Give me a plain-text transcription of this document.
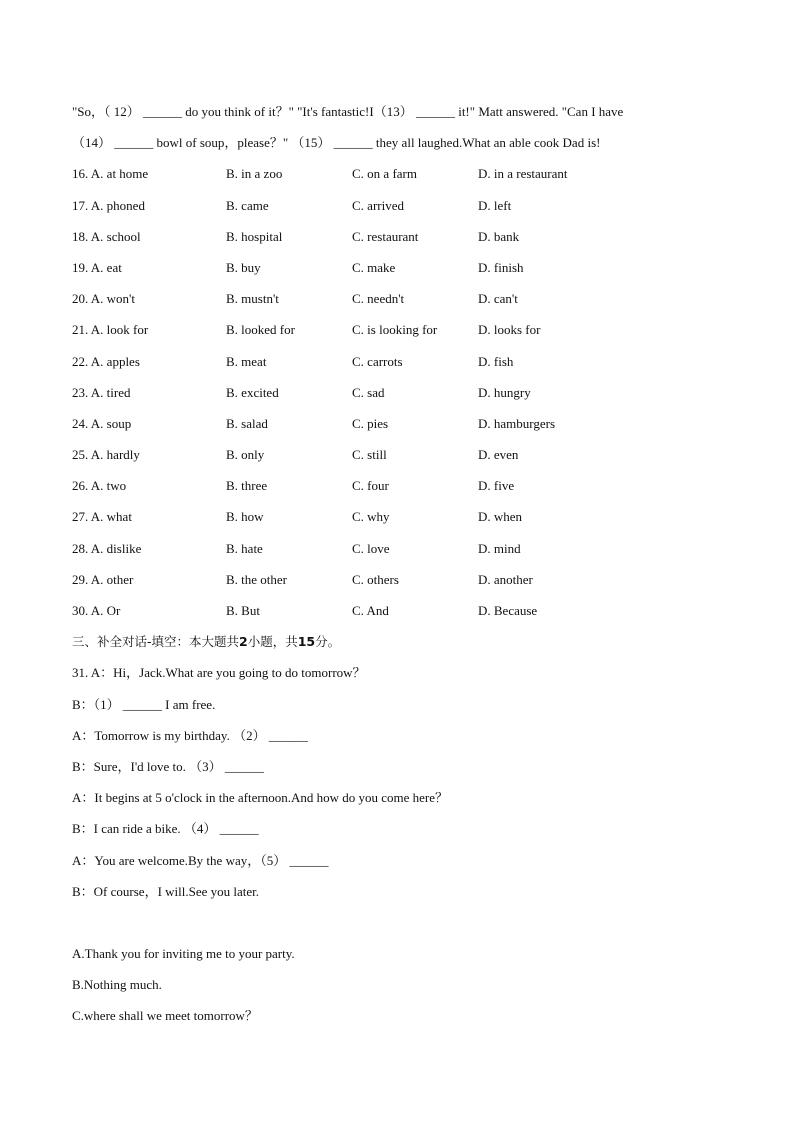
"So，（ 12） ______ do you think of it？" "It's fantastic!I（13） ______ it!" Matt answered. "Can I have
（14） ______ bowl of soup，please？" （15） ______ they all laughed.What an able cook Dad is!
16. A. at home	B. in a zoo	C. on a farm	D. in a restaurant
17. A. phoned	B. came	C. arrived	D. left
18. A. school	B. hospital	C. restaurant	D. bank
19. A. eat	B. buy	C. make	D. finish
20. A. won't	B. mustn't	C. needn't	D. can't
21. A. look for	B. looked for	C. is looking for	D. looks for
22. A. apples	B. meat	C. carrots	D. fish
23. A. tired	B. excited	C. sad	D. hungry
24. A. soup	B. salad	C. pies	D. hamburgers
25. A. hardly	B. only	C. still	D. even
26. A. two	B. three	C. four	D. five
27. A. what	B. how	C. why	D. when
28. A. dislike	B. hate	C. love	D. mind
29. A. other	B. the other	C. others	D. another
30. A. Or	B. But	C. And	D. Because
三、补全对话-填空：本大题共2小题，共15分。
31. A：Hi，Jack.What are you going to do tomorrow？
B：（1） ______ I am free.
A：Tomorrow is my birthday. （2） ______
B：Sure，I'd love to. （3） ______
A：It begins at 5 o'clock in the afternoon.And how do you come here？
B：I can ride a bike. （4） ______
A：You are welcome.By the way，（5） ______
B：Of course，I will.See you later.
A.Thank you for inviting me to your party.
B.Nothing much.
C.where shall we meet tomorrow？
